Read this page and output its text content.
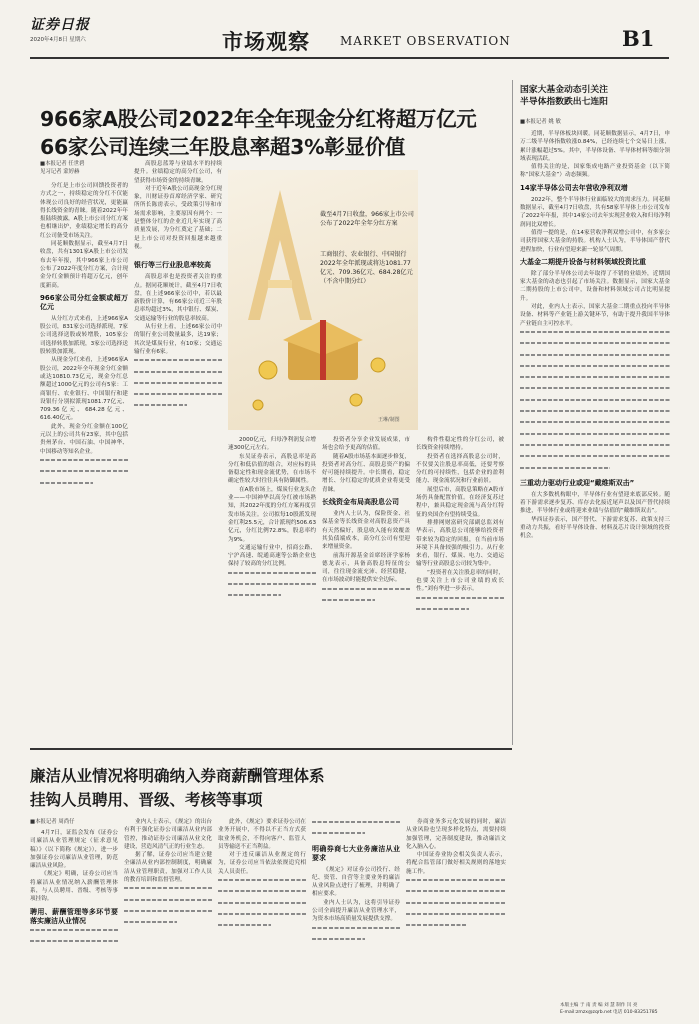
证券日报
2020年4月8日 星期六	市场观察	MARKET OBSERVATION	B1
966家A股公司2022年全年现金分红将超万亿元
66家公司连续三年股息率超3%彰显价值
■本报记者 任世碧
见习记者 蒙婷赫

分红是上市公司回馈投资者的方式之一，持续稳定的分红不仅能体现公司良好的经营状况，更能赢得长线资金的青睐。随着2022年年报陆续披露，A股上市公司分红方案也相继出炉，业绩稳定增长的高分红公司备受市场关注。

同花顺数据显示，截至4月7日收盘，共有1301家A股上市公司发布去年年报，其中966家上市公司公布了2022年度分红方案，合计现金分红金额预计将超万亿元，创年度新高。

966家公司分红金额或超万亿元

从分红方式来看，上述966家A股公司，831家公司选择派现，7家公司选择送股或转增股，105家公司选择转股加派现，3家公司选择送股转股加派现。

从现金分红来看，上述966家A股公司，2022年全年现金分红金额或达10810.73亿元，现金分红总额超过1000亿元的公司有5家：工商银行、农业银行、中国银行和建设银行分别拟派现1081.77亿元、709.36亿元、684.28亿元、616.40亿元。

此外，现金分红金额在100亿元以上的公司共有23家，其中包括贵州茅台、中国石油、中国神华、中国移动等知名企业。

高股息蓝筹与业绩水平的持续提升。业绩稳定的高分红公司，有望获得市场资金的持续青睐。

对于近年A股公司高现金分红现象，川财证券首席经济学家、研究所所长陈雳表示，受政策引导和市场需求影响，主要原因有两个：一是整体分红的企业近几年实现了高质量发展，为分红奠定了基础；二是上市公司对投资回报越来越重视。

银行等三行业股息率较高

高股息率也是投资者关注的重点。据同花顺统计，截至4月7日收盘，在上述966家公司中，若以最新股价计算，有66家公司近三年股息率均超过3%，其中银行、煤炭、交通运输等行业的股息率较高。

从行业上看，上述66家公司中的银行业公司数量最多，达19家；其次是煤炭行业，有10家；交通运输行业有6家。

截至4月7日收盘，966家上市公司公布了2022年全年分红方案
工商银行、农业银行、中国银行2022年全年派现或将达1081.77亿元、709.36亿元、684.28亿元（不含中期分红）
王琳/制图

2000亿元，归母净利润复合增速300亿元左右。

东吴证券表示，高股息率是高分红和低估值的组合，对应标的具备稳定性和现金流优势，在市场不确定性较大时往往具有防御属性。

在A股市场上，煤炭行业龙头企业——中国神华以高分红被市场熟知，其2022年度的分红方案再度引发市场关注。公司拟每10股派发现金红利25.5元，合计派现约506.63亿元，分红比例72.8%，股息率约为9%。

交通运输行业中，招商公路、宁沪高速、皖通高速等公路企业也保持了较高的分红比例。

投资者分享企业发展成果，市场也会给予更高的估值。

随着A股市场基本面逐步修复，投资者对高分红、高股息资产的偏好可能持续提升。中长期看，稳定增长、分红稳定的优质企业将更受青睐。

长线资金布局高股息公司

业内人士认为，保险资金、社保基金等长线资金对高股息资产具有天然偏好，股息收入能有效覆盖其负债端成本，高分红公司有望迎来增量资金。

前海开源基金首席经济学家杨德龙表示，具备高股息特征的公司，往往现金流充沛、经营稳健，在市场波动时能提供安全边际。

构件性稳定性的分红公司，被长线资金持续增持。

投资者在选择高股息公司时，不仅要关注股息率高低，还要考察分红的可持续性，包括企业的盈利能力、现金流状况和行业前景。

展望后市，高股息策略在A股市场仍具备配置价值。在经济复苏过程中，兼具稳定现金流与高分红特征的央国企有望持续受益。

排排网财富研究部副总监刘有华表示，高股息公司能够给投资者带来较为稳定的回报，在当前市场环境下具备较强的吸引力。从行业来看，银行、煤炭、电力、交通运输等行业高股息公司较为集中。

“投资者在关注股息率的同时，也要关注上市公司业绩的成长性。”刘有华进一步表示。

国家大基金动态引关注
半导体指数跌出七连阳
■本报记者 姚 敏

近期，半导体板块回暖。同花顺数据显示，4月7日，申万二级半导体指数收涨0.84%，已经连续七个交易日上涨，累计涨幅超过5%。其中，半导体设备、半导体材料等细分领域表现活跃。

值得关注的是，国家集成电路产业投资基金（以下简称“国家大基金”）动态频频。

14家半导体公司去年营收净利双增

2022年，整个半导体行业面临较大的需求压力。同花顺数据显示，截至4月7日收盘，共有58家半导体上市公司发布了2022年年报，其中14家公司去年实现营业收入和归母净利润同比双增长。

值得一提的是，在14家营收净利双增公司中，有多家公司获得国家大基金的持股。机构人士认为，半导体国产替代进程加快，行业有望迎来新一轮景气周期。

大基金二期提升设备与材料领域投资比重

除了部分半导体公司去年取得了不错的业绩外，近期国家大基金的动态也引起了市场关注。数据显示，国家大基金二期持股的上市公司中，设备和材料领域公司占比明显提升。

对此，业内人士表示，国家大基金二期重点投向半导体设备、材料等产业链上游关键环节，有助于提升我国半导体产业链自主可控水平。

三重动力驱动行业或迎“戴维斯双击”

在大多数机构眼中，半导体行业有望迎来底部反转。随着下游需求逐步复苏、库存去化接近尾声以及国产替代持续推进，半导体行业或将迎来业绩与估值的“戴维斯双击”。

华西证券表示，国产替代、下游需求复苏、政策支持三重动力共振，看好半导体设备、材料及芯片设计领域的投资机会。

廉洁从业情况将明确纳入券商薪酬管理体系
挂钩人员聘用、晋级、考核等事项
■本报记者 周尚仔

4月7日，证监会发布《证券公司廉洁从业管理规定（征求意见稿）》（以下简称《规定》），进一步加强证券公司廉洁从业管理，防范廉洁从业风险。

《规定》明确，证券公司应当将廉洁从业情况纳入薪酬管理体系，与人员聘用、晋级、考核等事项挂钩。

聘用、薪酬管理等多环节要落实廉洁从业情况

业内人士表示，《规定》的出台有利于强化证券公司廉洁从业内部管控，推动证券公司廉洁从业文化建设，营造风清气正的行业生态。

据了解，证券公司应当建立健全廉洁从业内部控制制度，明确廉洁从业管理职责，加强对工作人员的教育培训和监督管理。

此外，《规定》要求证券公司在业务开展中，不得以不正当方式获取业务机会，不得向客户、监管人员等输送不正当利益。

对于违反廉洁从业规定的行为，证券公司应当依法依规追究相关人员责任。

明确券商七大业务廉洁从业要求

《规定》对证券公司投行、经纪、资管、自营等主要业务的廉洁从业风险点进行了梳理，并明确了相应要求。

业内人士认为，这将引导证券公司全面提升廉洁从业管理水平，为资本市场高质量发展提供支撑。

券商业务多元化发展的同时，廉洁从业风险也呈现多样化特点，需要持续加强管理，完善制度建设，推动廉洁文化入脑入心。

中国证券业协会相关负责人表示，将配合监管部门做好相关规则的落地实施工作。

本版主编 于 南 责 编 刘 慧 制作 闫 亮
E-mail:zmzx@zqrb.net 电话 010-83251785
